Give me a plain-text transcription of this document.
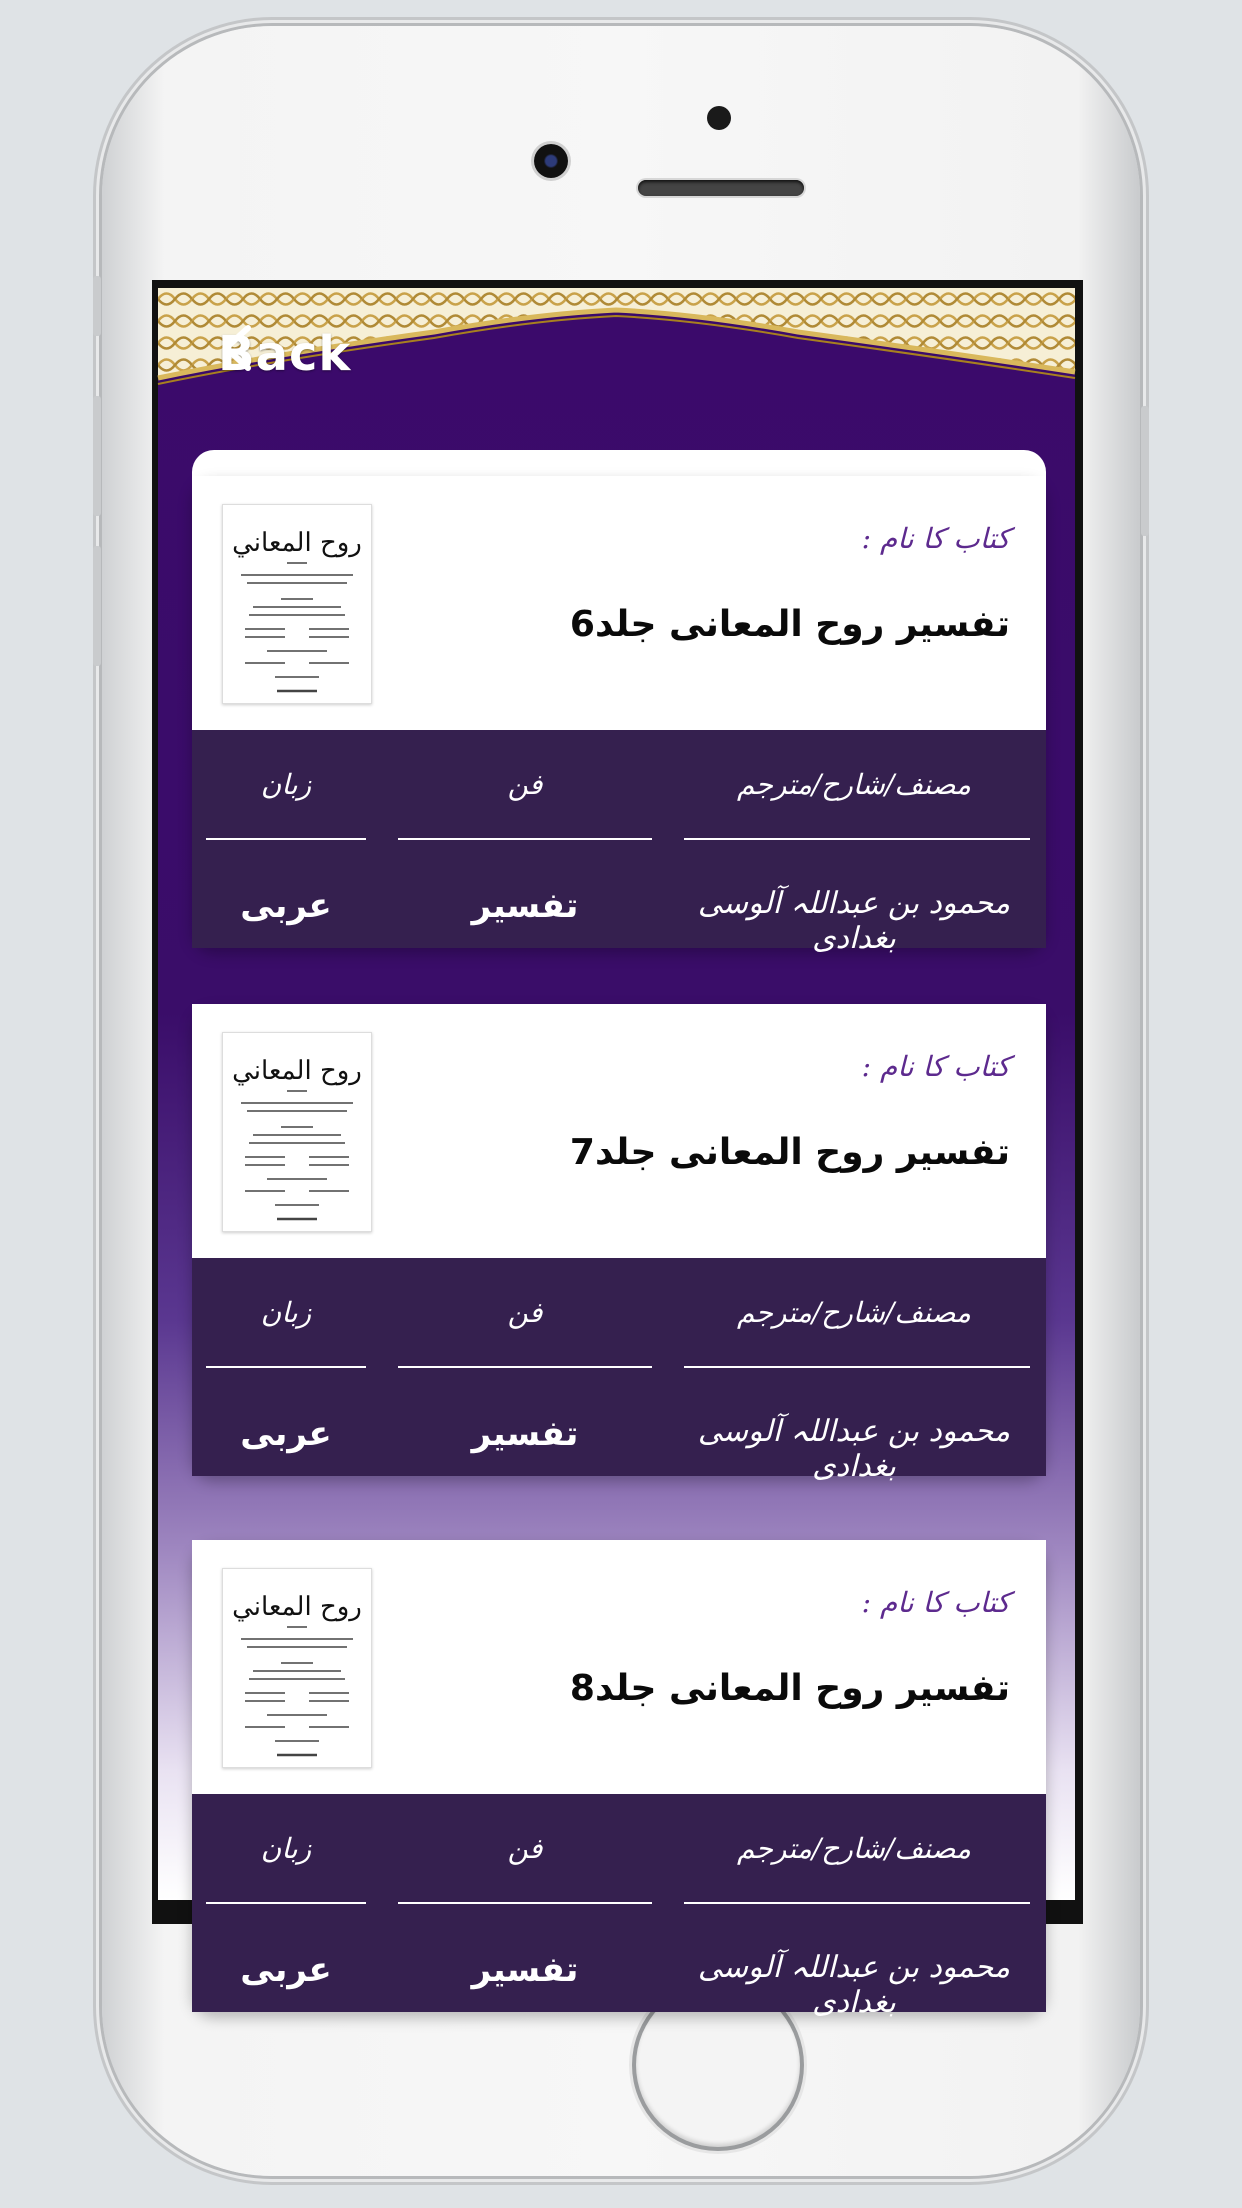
Back
تلاش کریں
کتاب کا نام :
تفسیر روح المعانی جلد6
روح المعاني
مصنف/شارح/مترجم
فن
زبان
محمود بن عبداللہ آلوسی بغدادی
تفسیر
عربی
کتاب کا نام :
تفسیر روح المعانی جلد7
روح المعاني
مصنف/شارح/مترجم
فن
زبان
محمود بن عبداللہ آلوسی بغدادی
تفسیر
عربی
کتاب کا نام :
تفسیر روح المعانی جلد8
روح المعاني
مصنف/شارح/مترجم
فن
زبان
محمود بن عبداللہ آلوسی بغدادی
تفسیر
عربی
